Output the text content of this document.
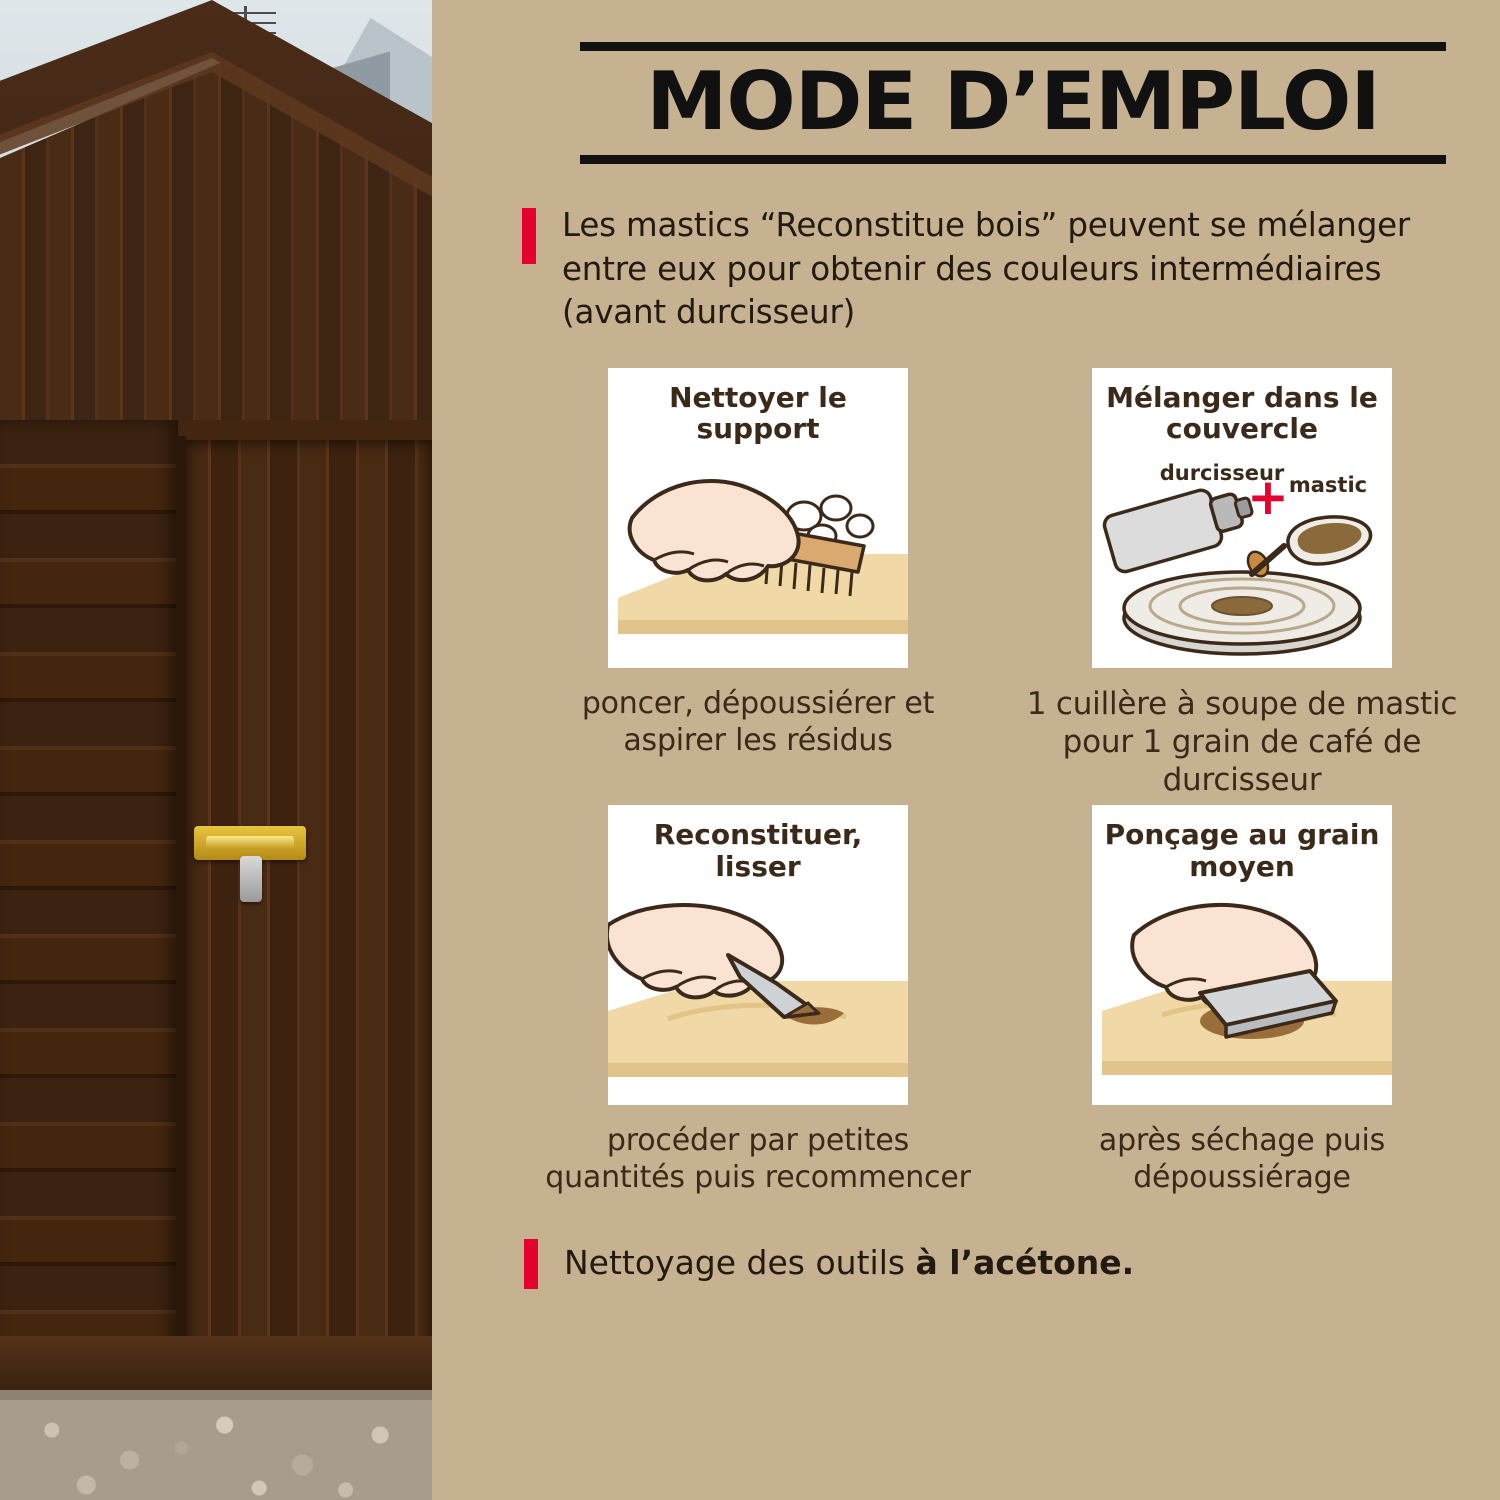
MODE D’EMPLOI
Les mastics “Reconstitue bois” peuvent se mélanger entre eux pour obtenir des couleurs intermédiaires (avant durcisseur)
Nettoyer le support
poncer, dépoussiérer et aspirer les résidus
Mélanger dans le couvercle
durcisseur
+ mastic
1 cuillère à soupe de mastic pour 1 grain de café de durcisseur
Reconstituer, lisser
procéder par petites quantités puis recommencer
Ponçage au grain moyen
après séchage puis dépoussiérage
Nettoyage des outils à l’acétone.
